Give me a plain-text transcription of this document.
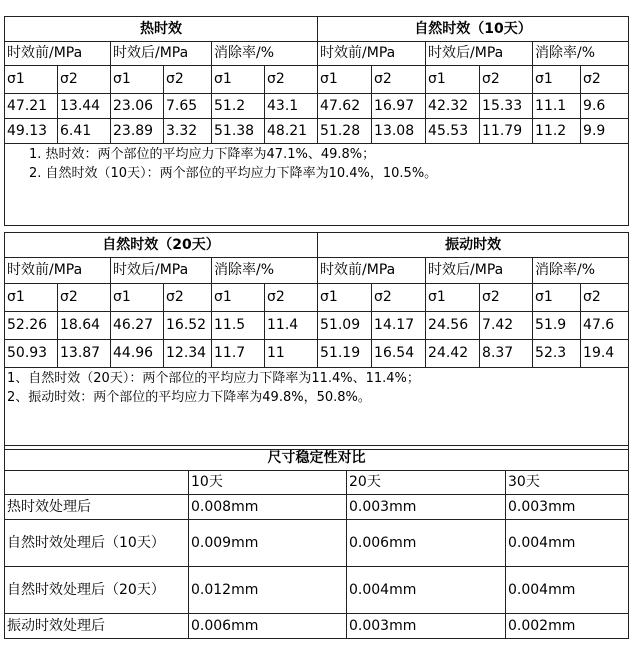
热时效						自然时效（10天）					
时效前/MPa		时效后/MPa		消除率/%		时效前/MPa		时效后/MPa		消除率/%	
σ1	σ2	σ1	σ2	σ1	σ2	σ1	σ2	σ1	σ2	σ1	σ2
47.21	13.44	23.06	7.65	51.2	43.1	47.62	16.97	42.32	15.33	11.1	9.6
49.13	6.41	23.89	3.32	51.38	48.21	51.28	13.08	45.53	11.79	11.2	9.9

1. 热时效：两个部位的平均应力下降率为47.1%、49.8%；
2. 自然时效（10天）：两个部位的平均应力下降率为10.4%，10.5%。											
自然时效（20天）						振动时效					
时效前/MPa		时效后/MPa		消除率/%		时效前/MPa		时效后/MPa		消除率/%	
σ1	σ2	σ1	σ2	σ1	σ2	σ1	σ2	σ1	σ2	σ1	σ2
52.26	18.64	46.27	16.52	11.5	11.4	51.09	14.17	24.56	7.42	51.9	47.6
50.93	13.87	44.96	12.34	11.7	11	51.19	16.54	24.42	8.37	52.3	19.4

1、自然时效（20天）：两个部位的平均应力下降率为11.4%、11.4%；
2、振动时效：两个部位的平均应力下降率为49.8%，50.8%。											
尺寸稳定性对比			
	10天	20天	30天
热时效处理后	0.008mm	0.003mm	0.003mm
自然时效处理后（10天）	0.009mm	0.006mm	0.004mm
自然时效处理后（20天）	0.012mm	0.004mm	0.004mm
振动时效处理后	0.006mm	0.003mm	0.002mm
